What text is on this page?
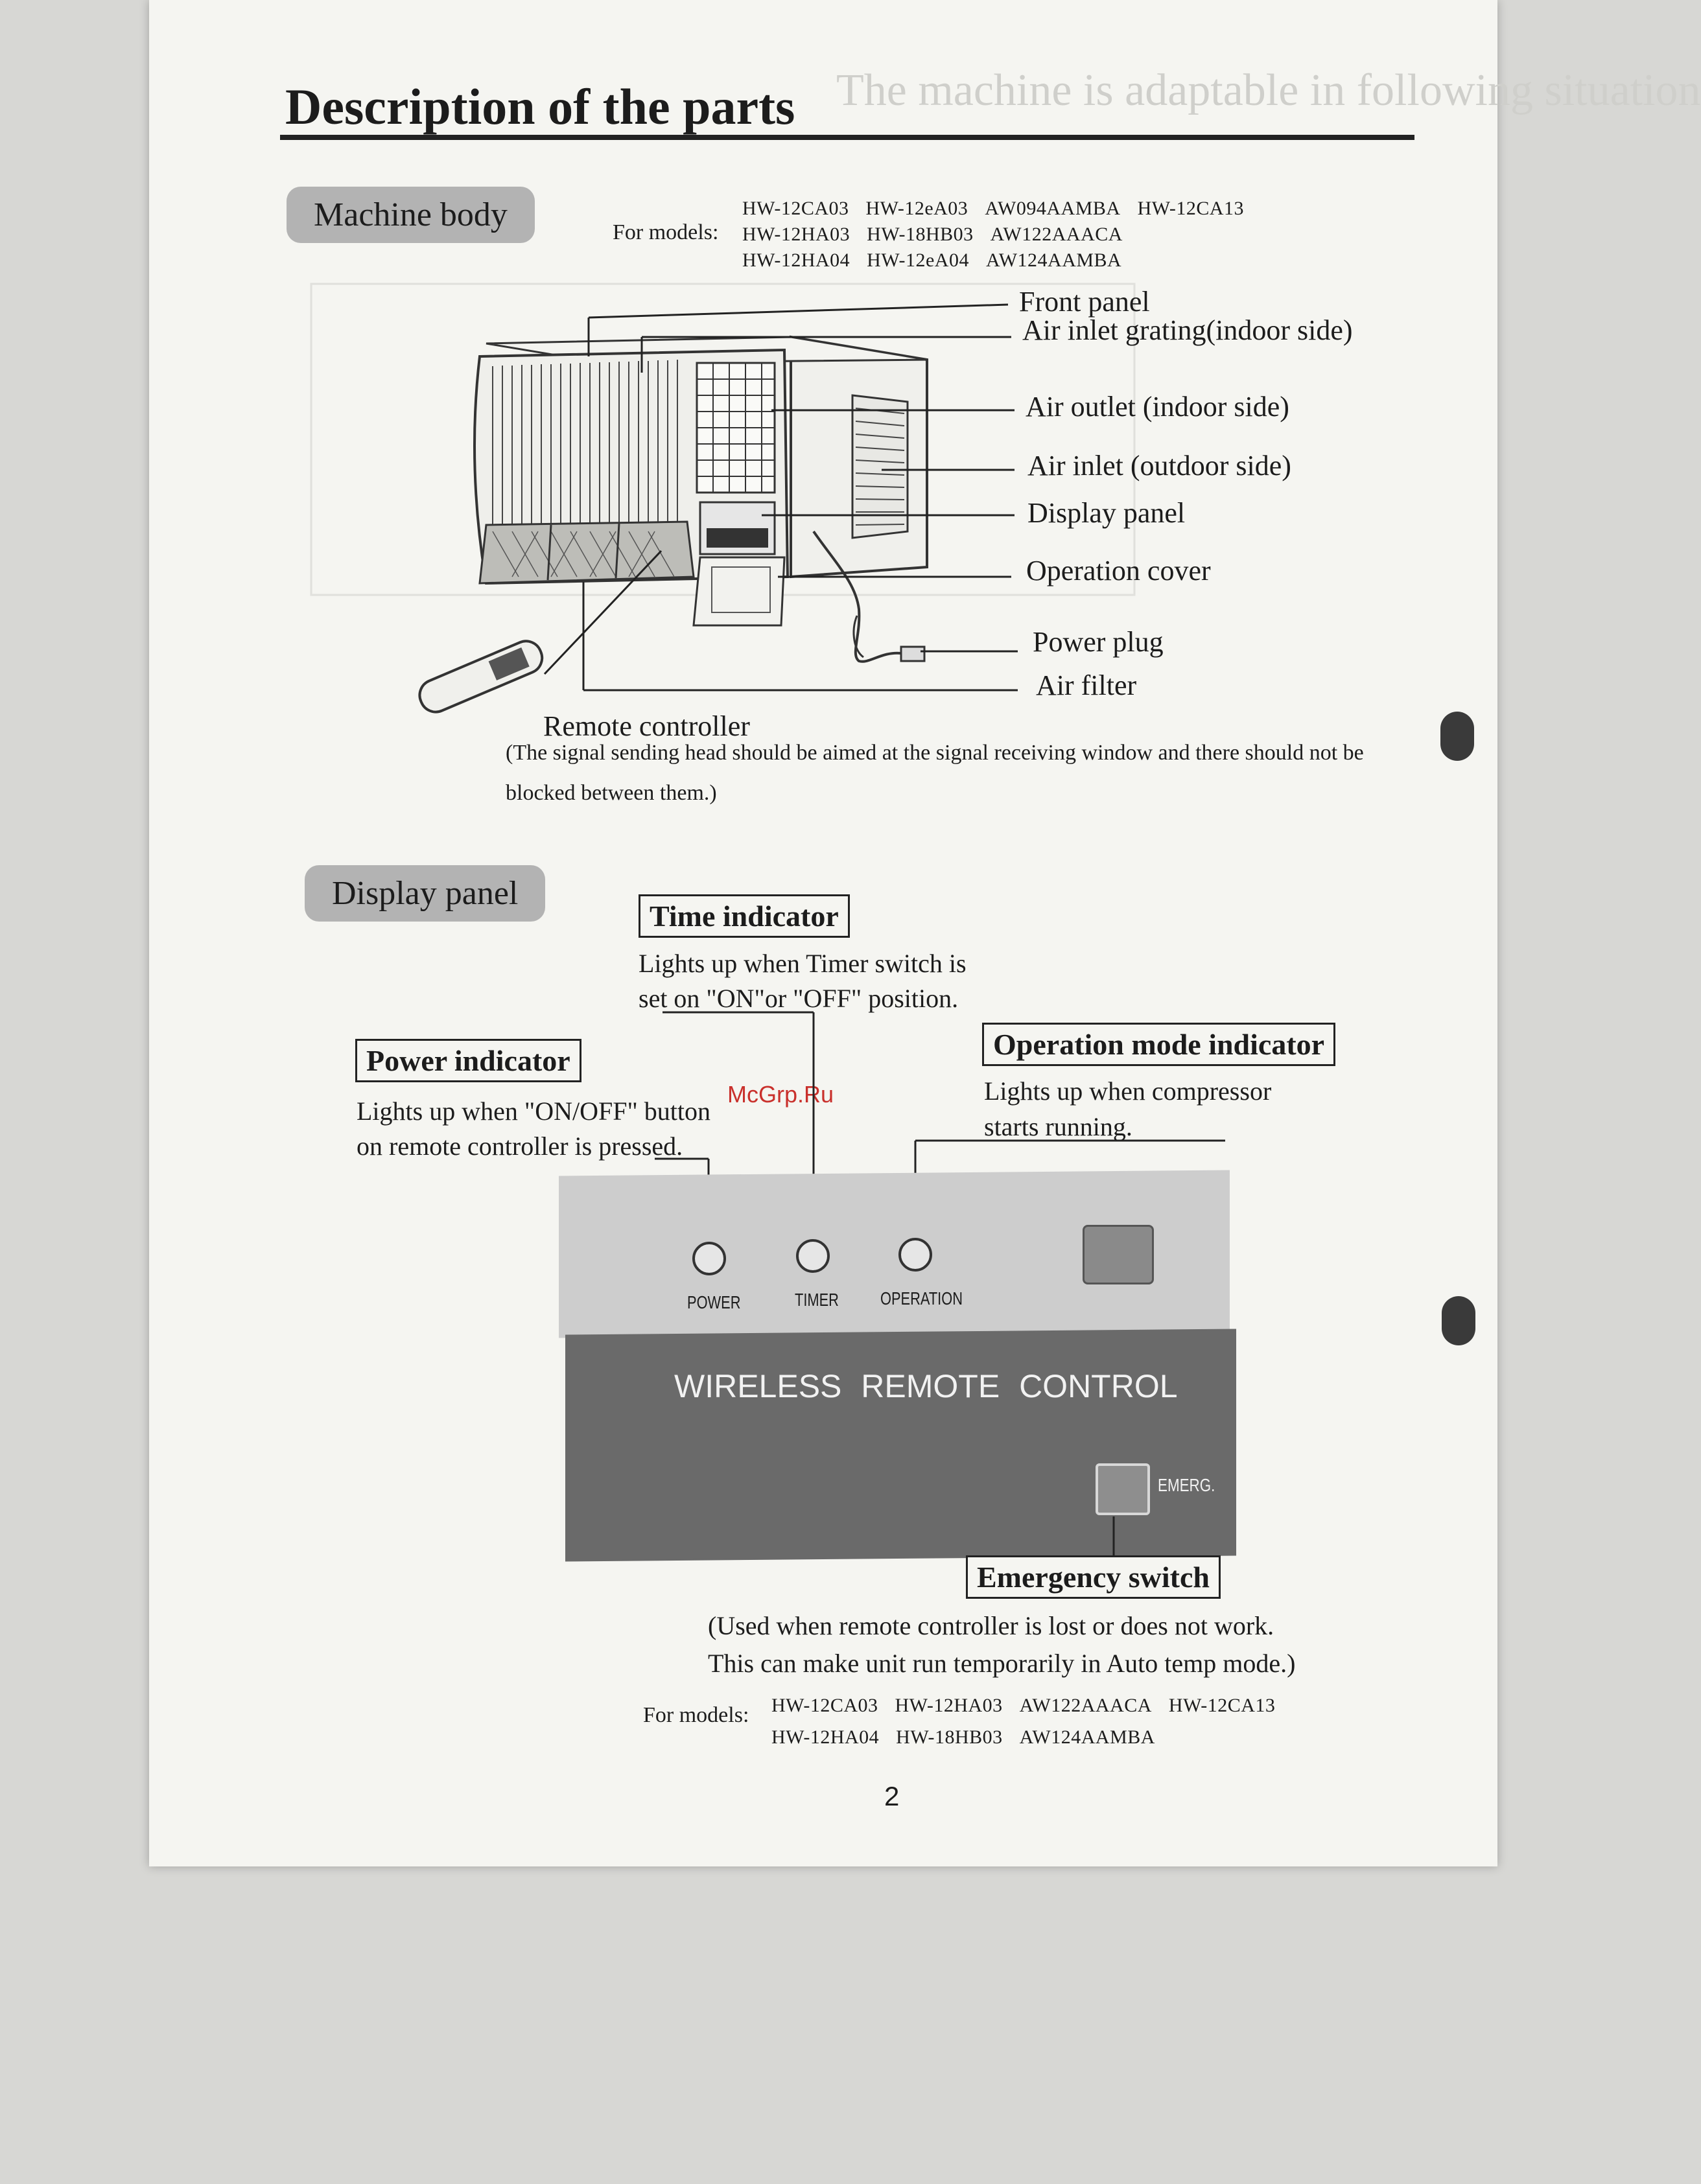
The machine is adaptable in following situation
Description of the parts
Machine body	For models:
HW-12CA03 HW-12eA03 AW094AAMBA HW-12CA13
HW-12HA03 HW-18HB03 AW122AAACA
HW-12HA04 HW-12eA04 AW124AAMBA
Front panel
Air inlet grating(indoor side)
Air outlet (indoor side)
Air inlet (outdoor side)
Display panel
Operation cover
Power plug
Air filter
Remote controller
(The signal sending head should be aimed at the signal receiving window and there should not be
blocked between them.)
Display panel
Time indicator
Lights up when Timer switch is
set on "ON"or "OFF" position.
Power indicator
Lights up when "ON/OFF" button
on remote controller is pressed.
Operation mode indicator
Lights up when compressor
starts running.
McGrp.Ru
POWER	TIMER OPERATION
WIRELESS REMOTE CONTROL
EMERG.
Emergency switch
(Used when remote controller is lost or does not work.
This can make unit run temporarily in Auto temp mode.)
For models: HW-12CA03 HW-12HA03 AW122AAACA HW-12CA13
HW-12HA04 HW-18HB03 AW124AAMBA
2
